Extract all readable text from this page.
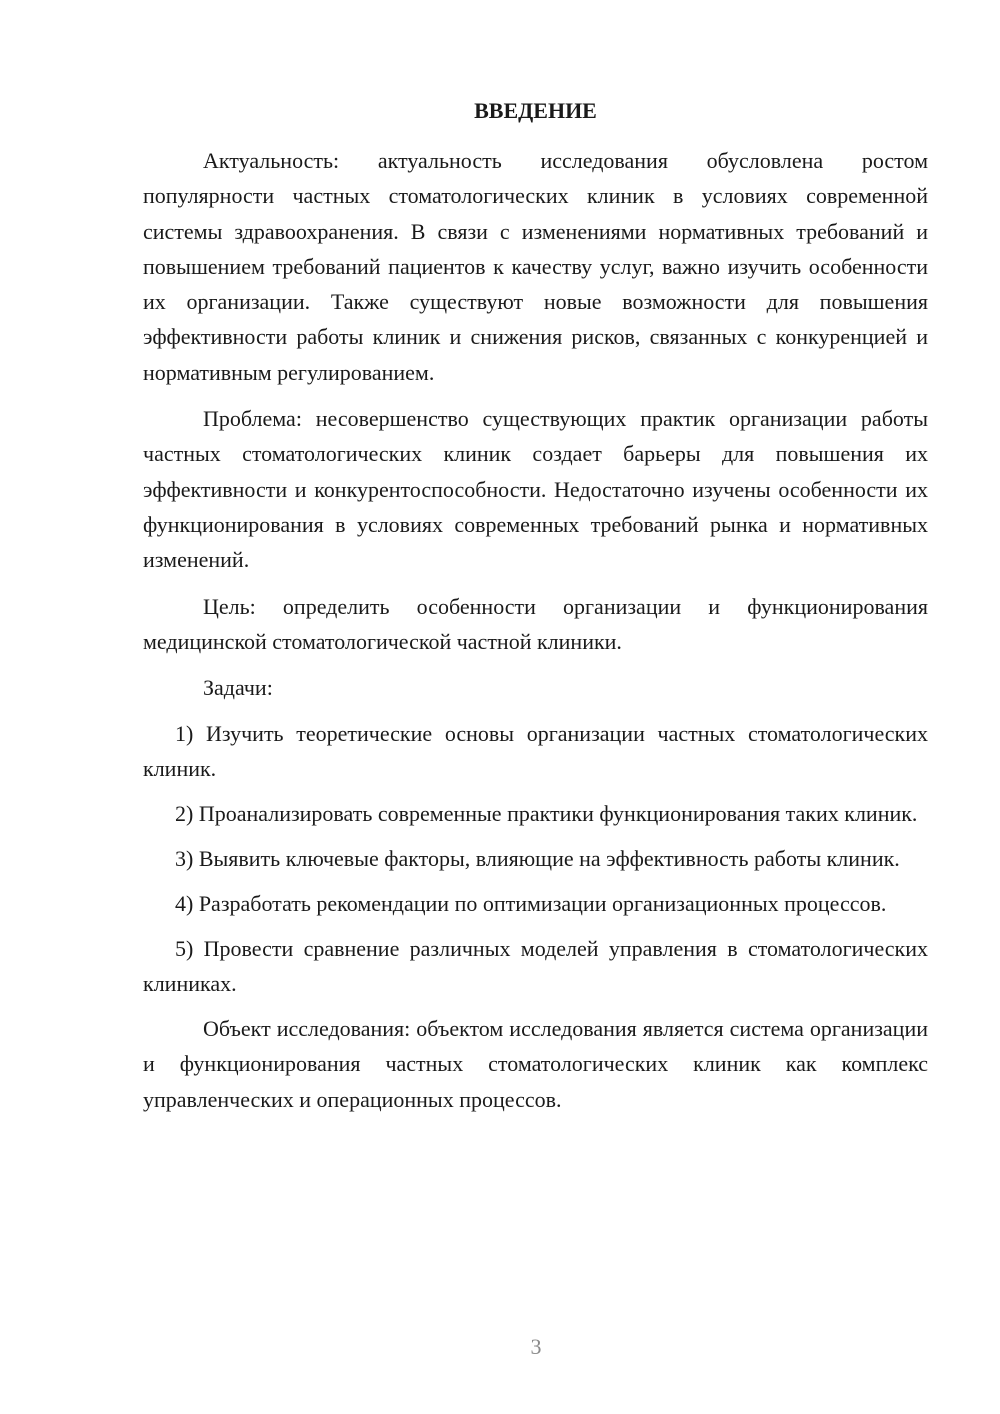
ВВЕДЕНИЕ

Актуальность: актуальность исследования обусловлена ростом популярности частных стоматологических клиник в условиях современной системы здравоохранения. В связи с изменениями нормативных требований и повышением требований пациентов к качеству услуг, важно изучить особенности их организации. Также существуют новые возможности для повышения эффективности работы клиник и снижения рисков, связанных с конкуренцией и нормативным регулированием.

Проблема: несовершенство существующих практик организации работы частных стоматологических клиник создает барьеры для повышения их эффективности и конкурентоспособности. Недостаточно изучены особенности их функционирования в условиях современных требований рынка и нормативных изменений.

Цель: определить особенности организации и функционирования медицинской стоматологической частной клиники.

Задачи:

1) Изучить теоретические основы организации частных стоматологических клиник.

2) Проанализировать современные практики функционирования таких клиник.

3) Выявить ключевые факторы, влияющие на эффективность работы клиник.

4) Разработать рекомендации по оптимизации организационных процессов.

5) Провести сравнение различных моделей управления в стоматологических клиниках.

Объект исследования: объектом исследования является система организации и функционирования частных стоматологических клиник как комплекс управленческих и операционных процессов.

3
